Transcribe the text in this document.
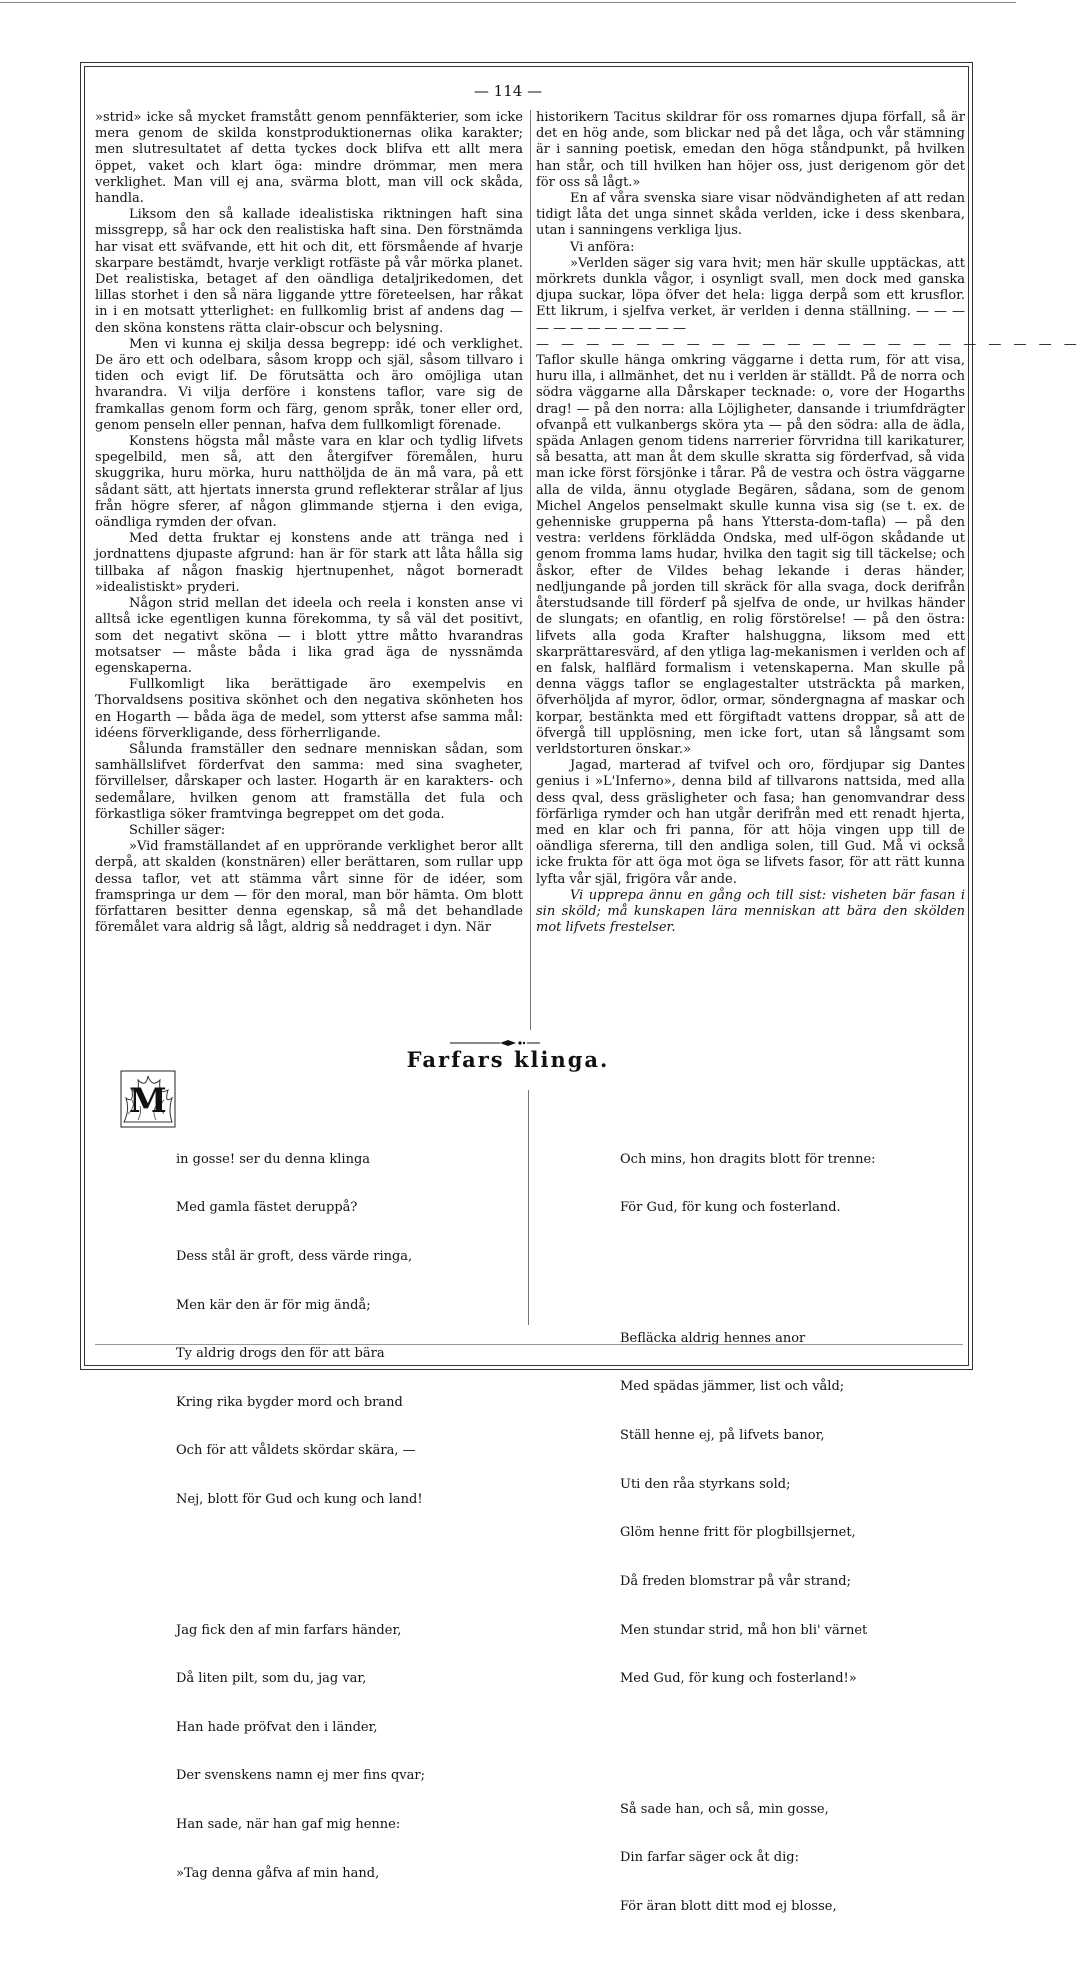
— 114 —

»strid» icke så mycket framstått genom pennfäkterier, som icke mera genom de skilda konstproduktionernas olika karakter; men slutresultatet af detta tyckes dock blifva ett allt mera öppet, vaket och klart öga: mindre drömmar, men mera verklighet. Man vill ej ana, svärma blott, man vill ock skåda, handla.

Liksom den så kallade idealistiska riktningen haft sina missgrepp, så har ock den realistiska haft sina. Den förstnämda har visat ett sväfvande, ett hit och dit, ett försmående af hvarje skarpare bestämdt, hvarje verkligt rotfäste på vår mörka planet. Det realistiska, betaget af den oändliga detaljrikedomen, det lillas storhet i den så nära liggande yttre företeelsen, har råkat in i en motsatt ytterlighet: en fullkomlig brist af andens dag — den sköna konstens rätta clair-obscur och belysning.

Men vi kunna ej skilja dessa begrepp: idé och verklighet. De äro ett och odelbara, såsom kropp och själ, såsom tillvaro i tiden och evigt lif. De förutsätta och äro omöjliga utan hvarandra. Vi vilja derföre i konstens taflor, vare sig de framkallas genom form och färg, genom språk, toner eller ord, genom penseln eller pennan, hafva dem fullkomligt förenade.

Konstens högsta mål måste vara en klar och tydlig lifvets spegelbild, men så, att den återgifver föremålen, huru skuggrika, huru mörka, huru natthöljda de än må vara, på ett sådant sätt, att hjertats innersta grund reflekterar strålar af ljus från högre sferer, af någon glimmande stjerna i den eviga, oändliga rymden der ofvan.

Med detta fruktar ej konstens ande att tränga ned i jordnattens djupaste afgrund: han är för stark att låta hålla sig tillbaka af någon fnaskig hjertnupenhet, något borneradt »idealistiskt» pryderi.

Någon strid mellan det ideela och reela i konsten anse vi alltså icke egentligen kunna förekomma, ty så väl det positivt, som det negativt sköna — i blott yttre måtto hvarandras motsatser — måste båda i lika grad äga de nyssnämda egenskaperna.

Fullkomligt lika berättigade äro exempelvis en Thorvaldsens positiva skönhet och den negativa skönheten hos en Hogarth — båda äga de medel, som ytterst afse samma mål: idéens förverkligande, dess förherrligande.

Sålunda framställer den sednare menniskan sådan, som samhällslifvet förderfvat den samma: med sina svagheter, förvillelser, dårskaper och laster. Hogarth är en karakters- och sedemålare, hvilken genom att framställa det fula och förkastliga söker framtvinga begreppet om det goda.

Schiller säger:

»Vid framställandet af en upprörande verklighet beror allt derpå, att skalden (konstnären) eller berättaren, som rullar upp dessa taflor, vet att stämma vårt sinne för de idéer, som framspringa ur dem — för den moral, man bör hämta. Om blott författaren besitter denna egenskap, så må det behandlade föremålet vara aldrig så lågt, aldrig så neddraget i dyn. När

historikern Tacitus skildrar för oss romarnes djupa förfall, så är det en hög ande, som blickar ned på det låga, och vår stämning är i sanning poetisk, emedan den höga ståndpunkt, på hvilken han står, och till hvilken han höjer oss, just derigenom gör det för oss så lågt.»

En af våra svenska siare visar nödvändigheten af att redan tidigt låta det unga sinnet skåda verlden, icke i dess skenbara, utan i sanningens verkliga ljus.

Vi anföra:

»Verlden säger sig vara hvit; men här skulle upptäckas, att mörkrets dunkla vågor, i osynligt svall, men dock med ganska djupa suckar, löpa öfver det hela: ligga derpå som ett krusflor. Ett likrum, i sjelfva verket, är verlden i denna ställning. — — — — — — — — — — — —

— — — — — — — — — — — — — — — — — — — — — —

Taflor skulle hänga omkring väggarne i detta rum, för att visa, huru illa, i allmänhet, det nu i verlden är ställdt. På de norra och södra väggarne alla Dårskaper tecknade: o, vore der Hogarths drag! — på den norra: alla Löjligheter, dansande i triumfdrägter ofvanpå ett vulkanbergs sköra yta — på den södra: alla de ädla, späda Anlagen genom tidens narrerier förvridna till karikaturer, så besatta, att man åt dem skulle skratta sig förderfvad, så vida man icke först försjönke i tårar. På de vestra och östra väggarne alla de vilda, ännu otyglade Begären, sådana, som de genom Michel Angelos penselmakt skulle kunna visa sig (se t. ex. de gehenniske grupperna på hans Yttersta-dom-tafla) — på den vestra: verldens förklädda Ondska, med ulf-ögon skådande ut genom fromma lams hudar, hvilka den tagit sig till täckelse; och åskor, efter de Vildes behag lekande i deras händer, nedljungande på jorden till skräck för alla svaga, dock derifrån återstudsande till förderf på sjelfva de onde, ur hvilkas händer de slungats; en ofantlig, en rolig förstörelse! — på den östra: lifvets alla goda Krafter halshuggna, liksom med ett skarprättaresvärd, af den ytliga lag-mekanismen i verlden och af en falsk, halflärd formalism i vetenskaperna. Man skulle på denna väggs taflor se englagestalter utsträckta på marken, öfverhöljda af myror, ödlor, ormar, söndergnagna af maskar och korpar, bestänkta med ett förgiftadt vattens droppar, så att de öfvergå till upplösning, men icke fort, utan så långsamt som verldstorturen önskar.»

Jagad, marterad af tvifvel och oro, fördjupar sig Dantes genius i »L'Inferno», denna bild af tillvarons nattsida, med alla dess qval, dess gräsligheter och fasa; han genomvandrar dess förfärliga rymder och han utgår derifrån med ett renadt hjerta, med en klar och fri panna, för att höja vingen upp till de oändliga sfererna, till den andliga solen, till Gud. Må vi också icke frukta för att öga mot öga se lifvets fasor, för att rätt kunna lyfta vår själ, frigöra vår ande.

Vi upprepa ännu en gång och till sist: visheten bär fasan i sin sköld; må kunskapen lära menniskan att bära den skölden mot lifvets frestelser.

Farfars klinga.
M

in gosse! ser du denna klinga

Med gamla fästet deruppå?

Dess stål är groft, dess värde ringa,

Men kär den är för mig ändå;

Ty aldrig drogs den för att bära

Kring rika bygder mord och brand

Och för att våldets skördar skära, —

Nej, blott för Gud och kung och land!

Jag fick den af min farfars händer,

Då liten pilt, som du, jag var,

Han hade pröfvat den i länder,

Der svenskens namn ej mer fins qvar;

Han sade, när han gaf mig henne:

»Tag denna gåfva af min hand,

Och mins, hon dragits blott för trenne:

För Gud, för kung och fosterland.

Befläcka aldrig hennes anor

Med spädas jämmer, list och våld;

Ställ henne ej, på lifvets banor,

Uti den råa styrkans sold;

Glöm henne fritt för plogbillsjernet,

Då freden blomstrar på vår strand;

Men stundar strid, må hon bli' värnet

Med Gud, för kung och fosterland!»

Så sade han, och så, min gosse,

Din farfar säger ock åt dig:

För äran blott ditt mod ej blosse,
